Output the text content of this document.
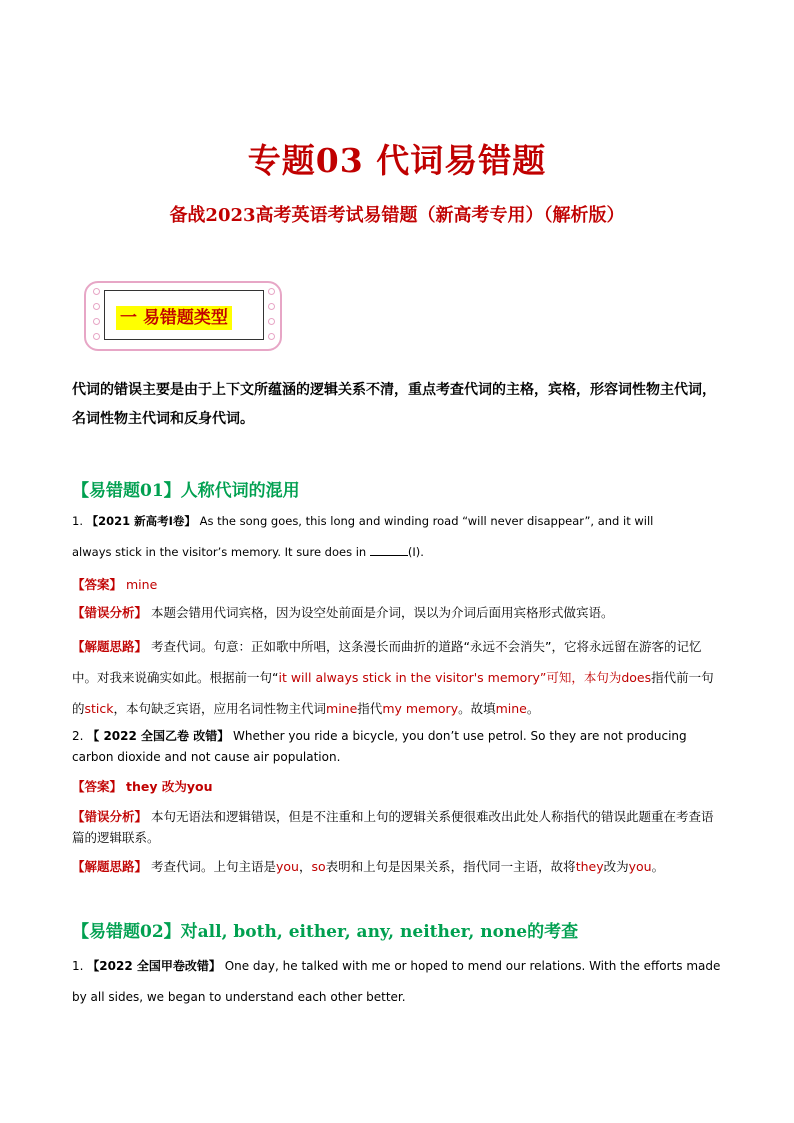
专题03 代词易错题
备战2023高考英语考试易错题（新高考专用）（解析版）
一 易错题类型
代词的错误主要是由于上下文所蕴涵的逻辑关系不清，重点考查代词的主格，宾格，形容词性物主代词，名词性物主代词和反身代词。
【易错题01】人称代词的混用
1. 【2021 新高考Ⅰ卷】 As the song goes, this long and winding road “will never disappear”, and it will
always stick in the visitor’s memory. It sure does in	(I).
【答案】 mine
【错误分析】 本题会错用代词宾格，因为设空处前面是介词，误以为介词后面用宾格形式做宾语。
【解题思路】 考查代词。句意：正如歌中所唱，这条漫长而曲折的道路“永远不会消失”，它将永远留在游客的记忆中。对我来说确实如此。根据前一句“it will always stick in the visitor's memory”可知，本句为does指代前一句的stick，本句缺乏宾语，应用名词性物主代词mine指代my memory。故填mine。
2. 【 2022 全国乙卷 改错】 Whether you ride a bicycle, you don’t use petrol. So they are not producing carbon dioxide and not cause air population.
【答案】 they 改为you
【错误分析】 本句无语法和逻辑错误，但是不注重和上句的逻辑关系便很难改出此处人称指代的错误此题重在考查语篇的逻辑联系。
【解题思路】 考查代词。上句主语是you，so表明和上句是因果关系，指代同一主语，故将they改为you。
【易错题02】对all, both, either, any, neither, none的考查
1. 【2022 全国甲卷改错】 One day, he talked with me or hoped to mend our relations. With the efforts made by all sides, we began to understand each other better.
